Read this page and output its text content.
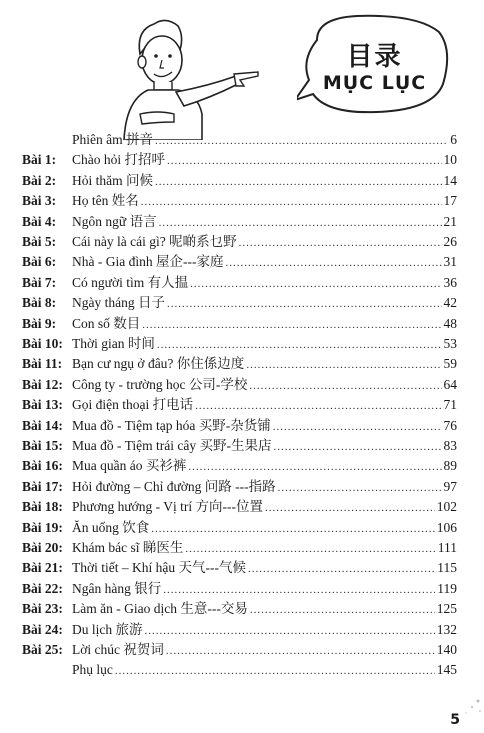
目录
MỤC LỤC
Phiên âm 拼音 .....	6
Bài 1: Chào hỏi 打招呼 .....	10
Bài 2: Hỏi thăm 问候 .....	14
Bài 3: Họ tên 姓名 .....	17
Bài 4: Ngôn ngữ 语言 .....	21
Bài 5: Cái này là cái gì? 呢啲系乜野 .....	26
Bài 6: Nhà - Gia đình 屋企---家庭 .....	31
Bài 7: Có người tìm 有人揾 .....	36
Bài 8: Ngày tháng 日子 .....	42
Bài 9: Con số 数目 .....	48
Bài 10: Thời gian 时间 .....	53
Bài 11: Bạn cư ngụ ở đâu? 你住係边度 .....	59
Bài 12: Công ty - trường học 公司-学校 .....	64
Bài 13: Gọi điện thoại 打电话 .....	71
Bài 14: Mua đồ - Tiệm tạp hóa 买野-杂货铺 .....	76
Bài 15: Mua đồ - Tiệm trái cây 买野-生果店 .....	83
Bài 16: Mua quần áo 买衫裤 .....	89
Bài 17: Hỏi đường – Chỉ đường 问路 ---指路 .....	97
Bài 18: Phương hướng - Vị trí 方向---位置 .....	102
Bài 19: Ăn uống 饮食 .....	106
Bài 20: Khám bác sĩ 睇医生 .....	111
Bài 21: Thời tiết – Khí hậu 天气---气候 .....	115
Bài 22: Ngân hàng 银行 .....	119
Bài 23: Làm ăn - Giao dịch 生意---交易 .....	125
Bài 24: Du lịch 旅游 .....	132
Bài 25: Lời chúc 祝贺词 .....	140
Phụ lục .....	145
5
